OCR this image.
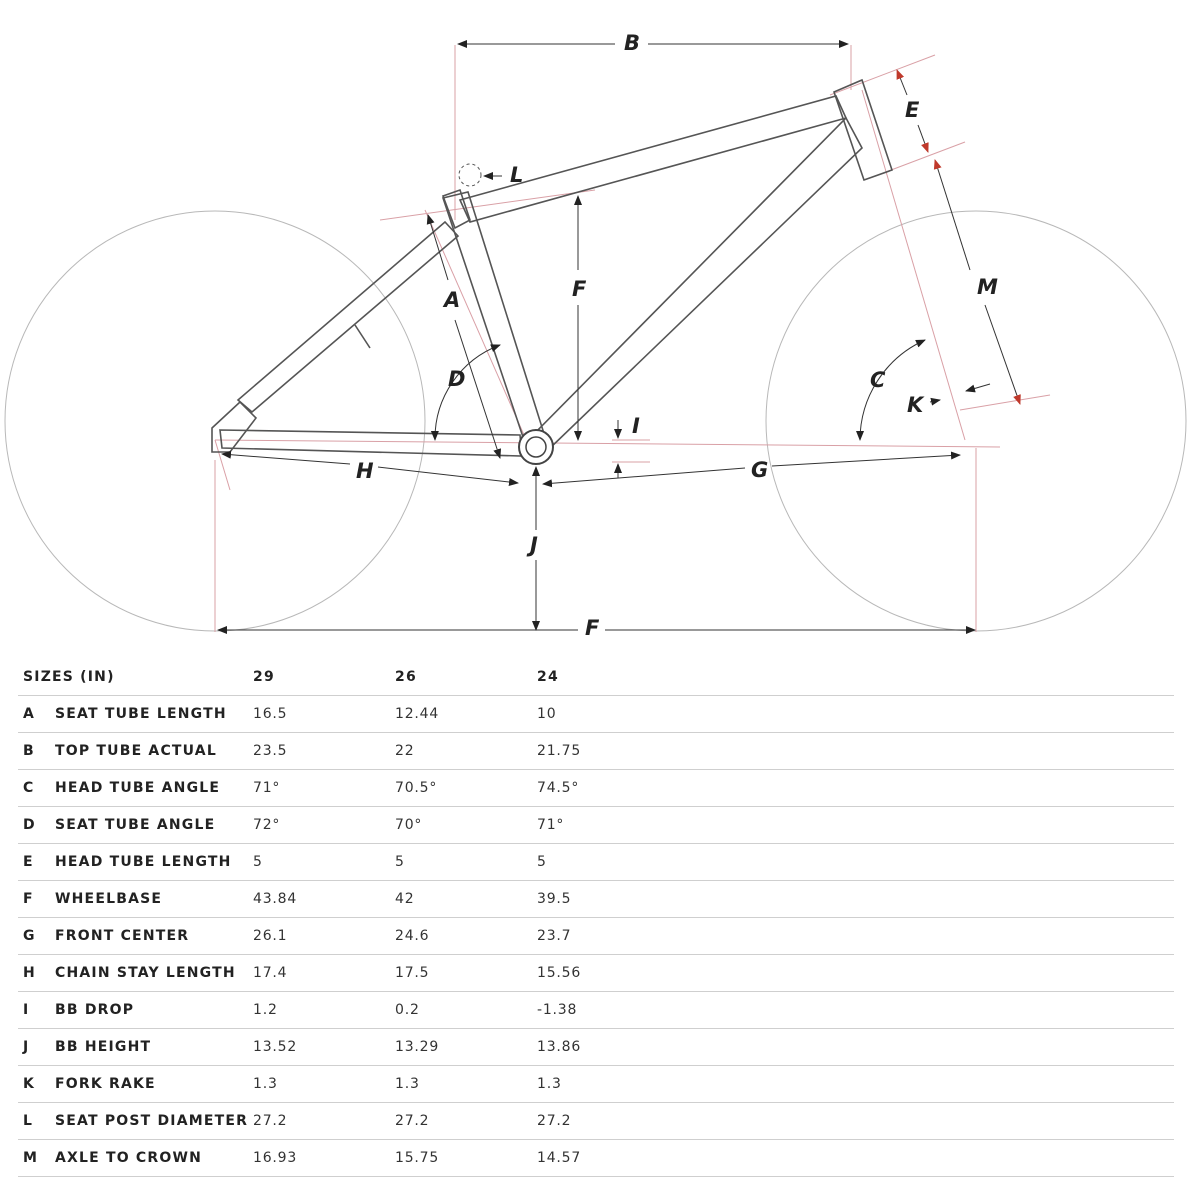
B
E
L
F	M
A
D	C
K
I
H	G
J
F
SIZES (IN)		29	26	24	
A	SEAT TUBE LENGTH	16.5	12.44	10	
B	TOP TUBE ACTUAL	23.5	22	21.75	
C	HEAD TUBE ANGLE	71°	70.5°	74.5°	
D	SEAT TUBE ANGLE	72°	70°	71°	
E	HEAD TUBE LENGTH	5	5	5	
F	WHEELBASE	43.84	42	39.5	
G	FRONT CENTER	26.1	24.6	23.7	
H	CHAIN STAY LENGTH	17.4	17.5	15.56	
I	BB DROP	1.2	0.2	-1.38	
J	BB HEIGHT	13.52	13.29	13.86	
K	FORK RAKE	1.3	1.3	1.3	
L	SEAT POST DIAMETER	27.2	27.2	27.2	
M	AXLE TO CROWN	16.93	15.75	14.57	
